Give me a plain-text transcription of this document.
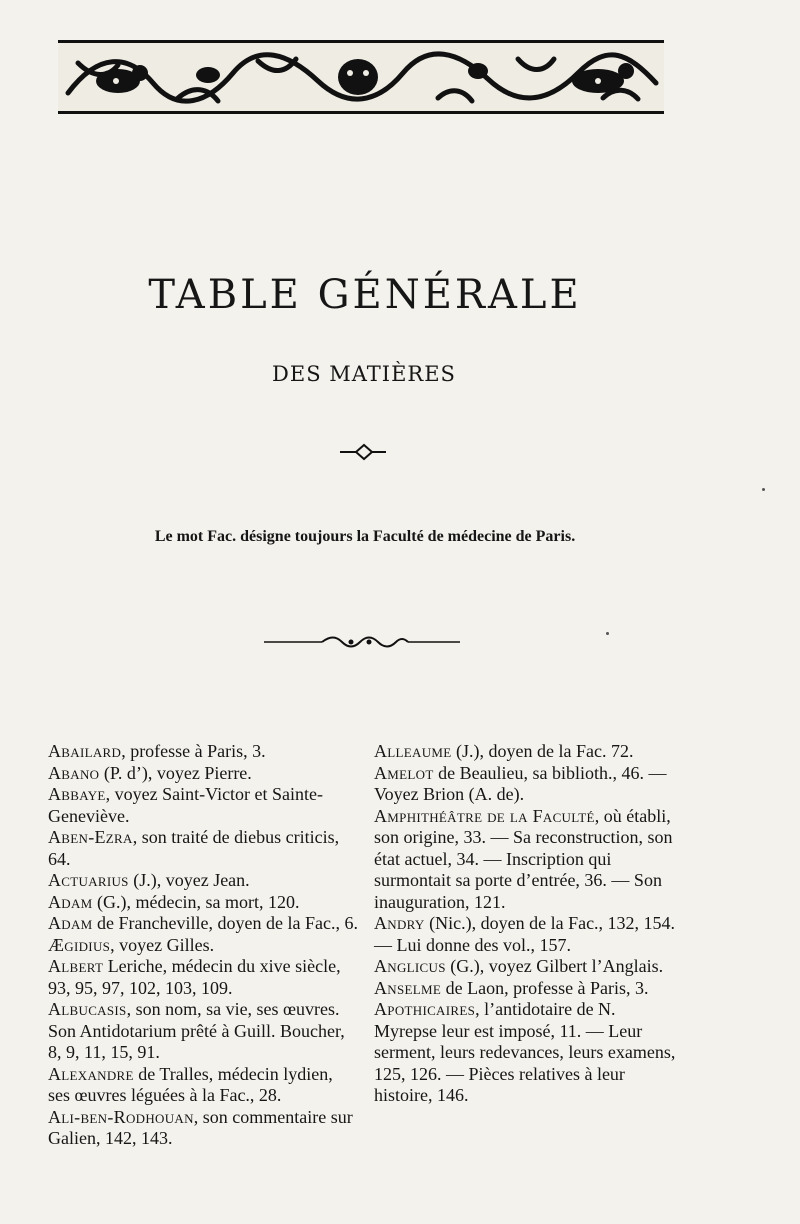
TABLE GÉNÉRALE
DES MATIÈRES
Le mot Fac. désigne toujours la Faculté de médecine de Paris.
Abailard, professe à Paris, 3.
Abano (P. d’), voyez Pierre.
Abbaye, voyez Saint-Victor et Sainte-Geneviève.
Aben-Ezra, son traité de diebus criticis, 64.
Actuarius (J.), voyez Jean.
Adam (G.), médecin, sa mort, 120.
Adam de Francheville, doyen de la Fac., 6.
Ægidius, voyez Gilles.
Albert Leriche, médecin du xive siècle, 93, 95, 97, 102, 103, 109.
Albucasis, son nom, sa vie, ses œuvres. Son Antidotarium prêté à Guill. Boucher, 8, 9, 11, 15, 91.
Alexandre de Tralles, médecin lydien, ses œuvres léguées à la Fac., 28.
Ali-ben-Rodhouan, son commentaire sur Galien, 142, 143.
Alleaume (J.), doyen de la Fac. 72.
Amelot de Beaulieu, sa biblioth., 46. — Voyez Brion (A. de).
Amphithéâtre de la Faculté, où établi, son origine, 33. — Sa reconstruction, son état actuel, 34. — Inscription qui surmontait sa porte d’entrée, 36. — Son inauguration, 121.
Andry (Nic.), doyen de la Fac., 132, 154. — Lui donne des vol., 157.
Anglicus (G.), voyez Gilbert l’Anglais.
Anselme de Laon, professe à Paris, 3.
Apothicaires, l’antidotaire de N. Myrepse leur est imposé, 11. — Leur serment, leurs redevances, leurs examens, 125, 126. — Pièces relatives à leur histoire, 146.
